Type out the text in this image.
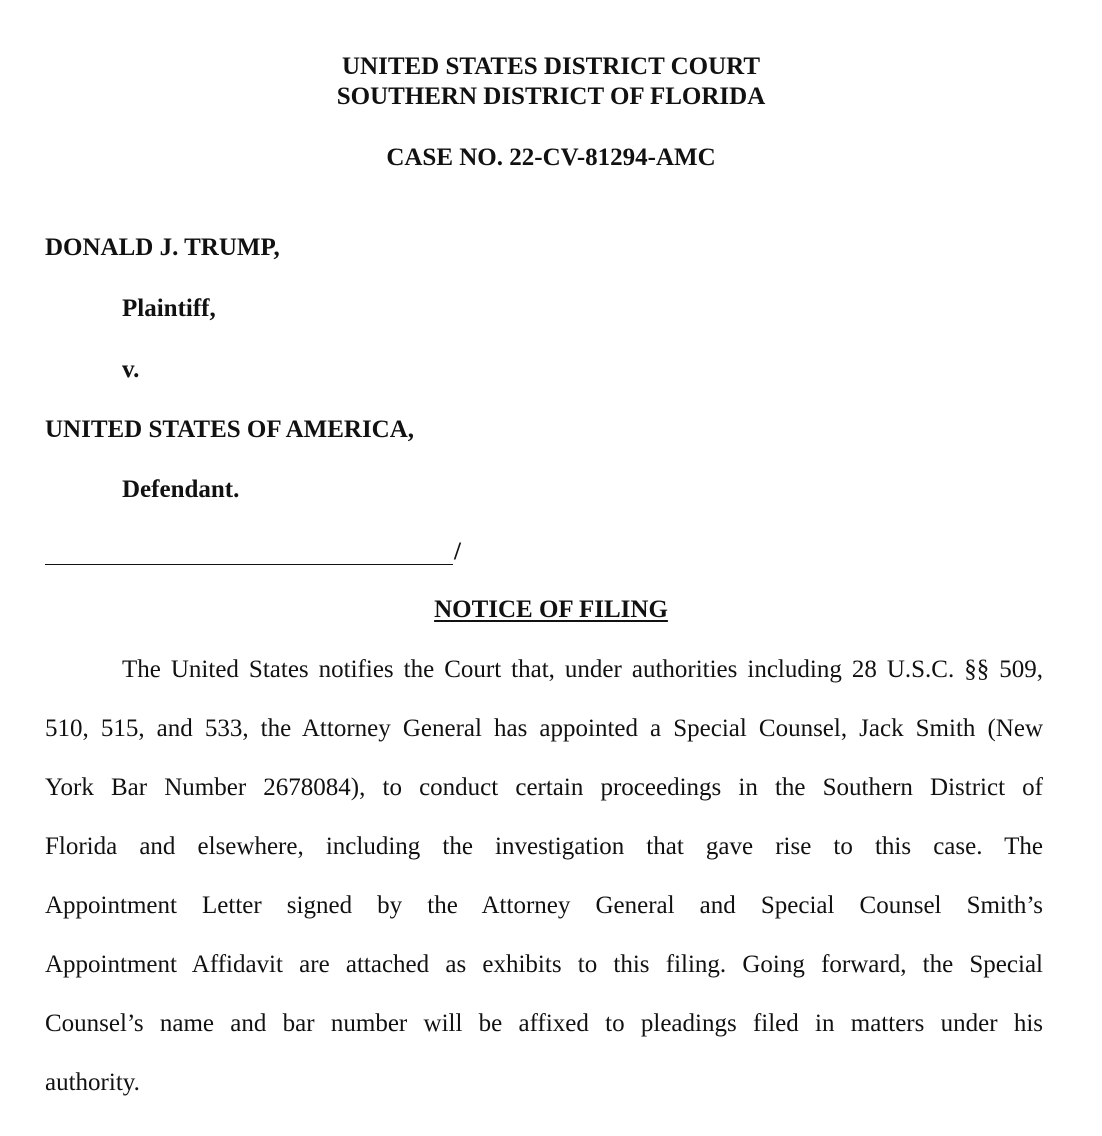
UNITED STATES DISTRICT COURT
SOUTHERN DISTRICT OF FLORIDA
CASE NO. 22-CV-81294-AMC
DONALD J. TRUMP,
Plaintiff,
v.
UNITED STATES OF AMERICA,
Defendant.
/
NOTICE OF FILING
The United States notifies the Court that, under authorities including 28 U.S.C. §§ 509,
510, 515, and 533, the Attorney General has appointed a Special Counsel, Jack Smith (New
York Bar Number 2678084), to conduct certain proceedings in the Southern District of
Florida and elsewhere, including the investigation that gave rise to this case. The
Appointment Letter signed by the Attorney General and Special Counsel Smith’s
Appointment Affidavit are attached as exhibits to this filing. Going forward, the Special
Counsel’s name and bar number will be affixed to pleadings filed in matters under his
authority.
